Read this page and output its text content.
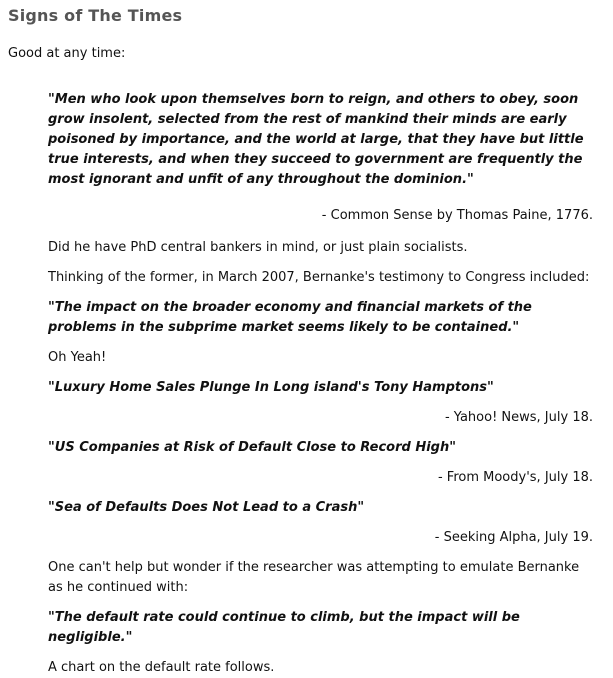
Signs of The Times

Good at any time:

"Men who look upon themselves born to reign, and others to obey, soon grow insolent, selected from the rest of mankind their minds are early poisoned by importance, and the world at large, that they have but little true interests, and when they succeed to government are frequently the most ignorant and unfit of any throughout the dominion."

- Common Sense by Thomas Paine, 1776.

Did he have PhD central bankers in mind, or just plain socialists.

Thinking of the former, in March 2007, Bernanke's testimony to Congress included:

"The impact on the broader economy and financial markets of the problems in the subprime market seems likely to be contained."

Oh Yeah!

"Luxury Home Sales Plunge In Long island's Tony Hamptons"

- Yahoo! News, July 18.

"US Companies at Risk of Default Close to Record High"

- From Moody's, July 18.

"Sea of Defaults Does Not Lead to a Crash"

- Seeking Alpha, July 19.

One can't help but wonder if the researcher was attempting to emulate Bernanke as he continued with:

"The default rate could continue to climb, but the impact will be negligible."

A chart on the default rate follows.
